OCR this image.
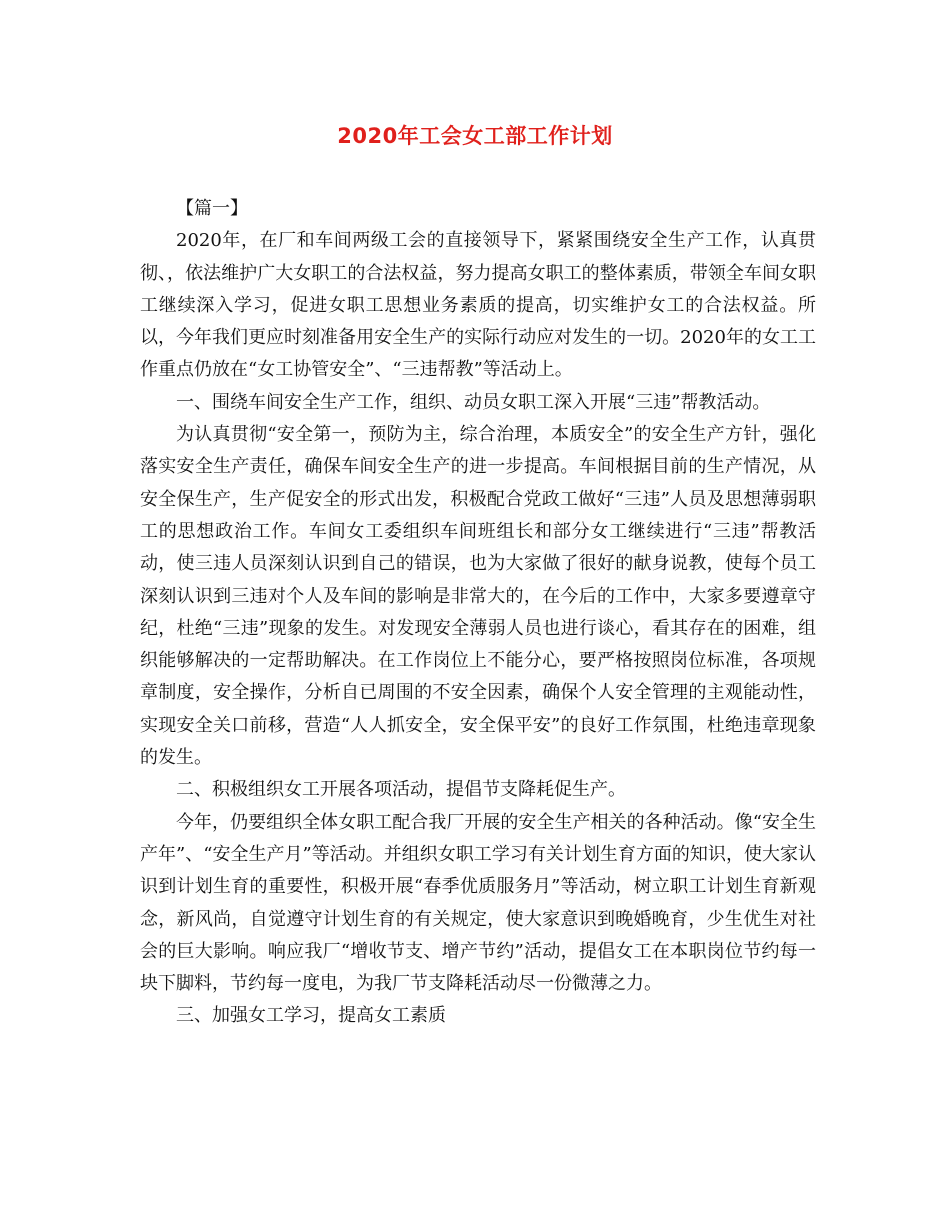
2020年工会女工部工作计划

【篇一】

2020年，在厂和车间两级工会的直接领导下，紧紧围绕安全生产工作，认真贯彻、，依法维护广大女职工的合法权益，努力提高女职工的整体素质，带领全车间女职工继续深入学习，促进女职工思想业务素质的提高，切实维护女工的合法权益。所以，今年我们更应时刻准备用安全生产的实际行动应对发生的一切。2020年的女工工作重点仍放在“女工协管安全”、“三违帮教”等活动上。

一、围绕车间安全生产工作，组织、动员女职工深入开展“三违”帮教活动。

为认真贯彻“安全第一，预防为主，综合治理，本质安全”的安全生产方针，强化落实安全生产责任，确保车间安全生产的进一步提高。车间根据目前的生产情况，从安全保生产，生产促安全的形式出发，积极配合党政工做好“三违”人员及思想薄弱职工的思想政治工作。车间女工委组织车间班组长和部分女工继续进行“三违”帮教活动，使三违人员深刻认识到自己的错误，也为大家做了很好的献身说教，使每个员工深刻认识到三违对个人及车间的影响是非常大的，在今后的工作中，大家多要遵章守纪，杜绝“三违”现象的发生。对发现安全薄弱人员也进行谈心，看其存在的困难，组织能够解决的一定帮助解决。在工作岗位上不能分心，要严格按照岗位标准，各项规章制度，安全操作，分析自已周围的不安全因素，确保个人安全管理的主观能动性，实现安全关口前移，营造“人人抓安全，安全保平安”的良好工作氛围，杜绝违章现象的发生。

二、积极组织女工开展各项活动，提倡节支降耗促生产。

今年，仍要组织全体女职工配合我厂开展的安全生产相关的各种活动。像“安全生产年”、“安全生产月”等活动。并组织女职工学习有关计划生育方面的知识，使大家认识到计划生育的重要性，积极开展“春季优质服务月”等活动，树立职工计划生育新观念，新风尚，自觉遵守计划生育的有关规定，使大家意识到晚婚晚育，少生优生对社会的巨大影响。响应我厂“增收节支、增产节约”活动，提倡女工在本职岗位节约每一块下脚料，节约每一度电，为我厂节支降耗活动尽一份微薄之力。

三、加强女工学习，提高女工素质
